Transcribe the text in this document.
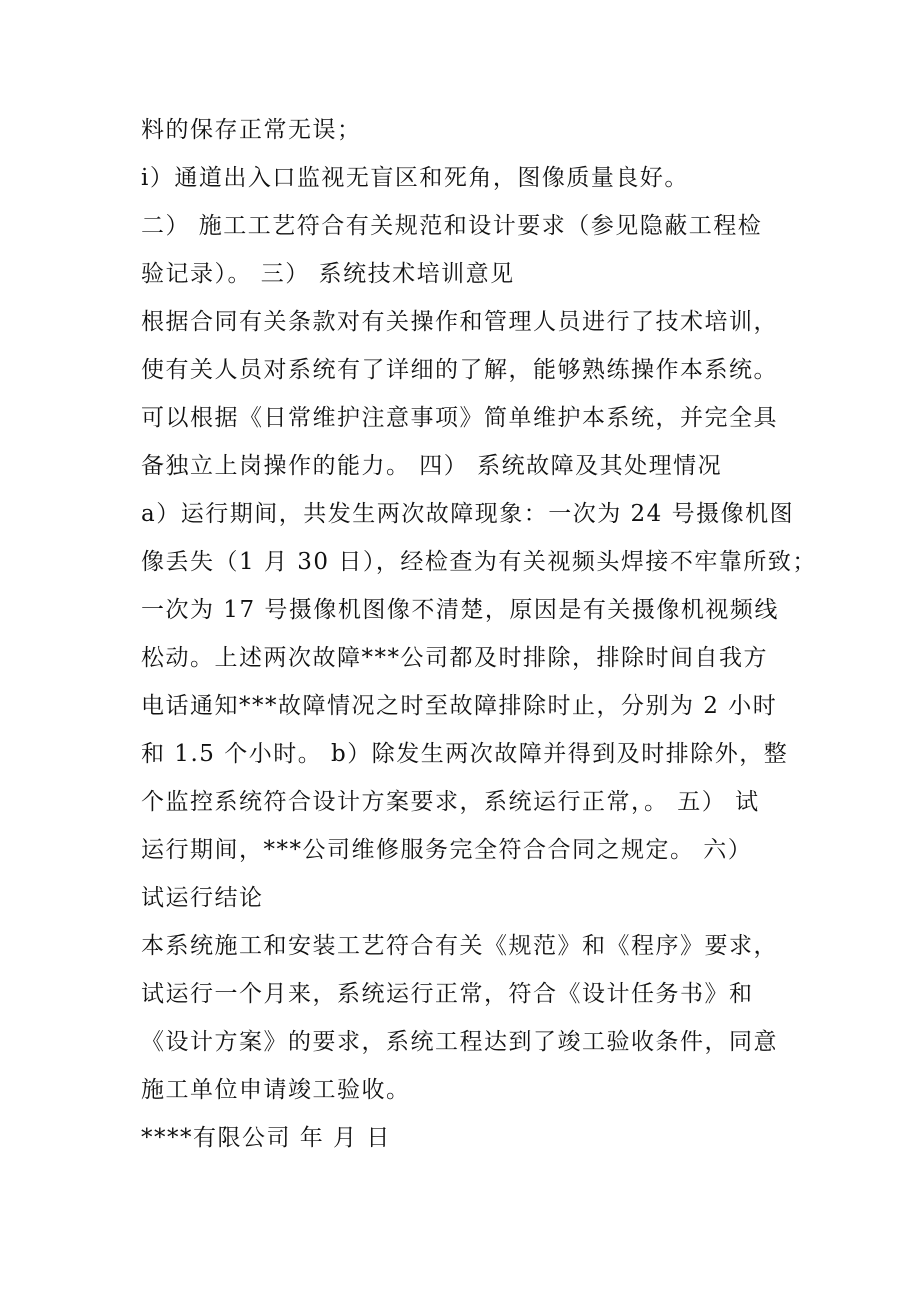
料的保存正常无误；
i）通道出入口监视无盲区和死角，图像质量良好。
二） 施工工艺符合有关规范和设计要求（参见隐蔽工程检
验记录）。 三） 系统技术培训意见
根据合同有关条款对有关操作和管理人员进行了技术培训，
使有关人员对系统有了详细的了解，能够熟练操作本系统。
可以根据《日常维护注意事项》简单维护本系统，并完全具
备独立上岗操作的能力。 四） 系统故障及其处理情况
a）运行期间，共发生两次故障现象：一次为 24 号摄像机图
像丢失（1 月 30 日），经检查为有关视频头焊接不牢靠所致；
一次为 17 号摄像机图像不清楚，原因是有关摄像机视频线
松动。上述两次故障***公司都及时排除，排除时间自我方
电话通知***故障情况之时至故障排除时止，分别为 2 小时
和 1.5 个小时。 b）除发生两次故障并得到及时排除外，整
个监控系统符合设计方案要求，系统运行正常，。 五） 试
运行期间，***公司维修服务完全符合合同之规定。 六）
试运行结论
本系统施工和安装工艺符合有关《规范》和《程序》要求，
试运行一个月来，系统运行正常，符合《设计任务书》和
《设计方案》的要求，系统工程达到了竣工验收条件，同意
施工单位申请竣工验收。
****有限公司 年 月 日
